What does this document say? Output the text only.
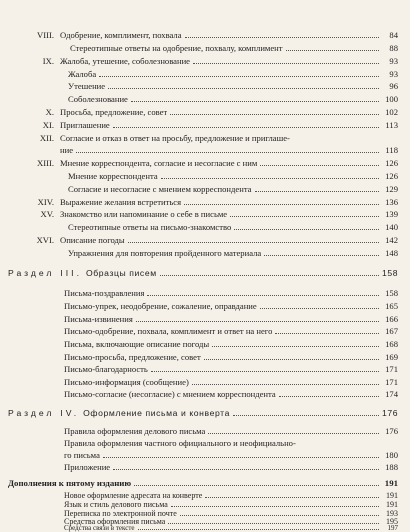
VIII. Одобрение, комплимент, похвала	84
Стереотипные ответы на одобрение, похвалу, комплимент	88
IX. Жалоба, утешение, соболезнование	93
Жалоба	93
Утешение	96
Соболезнование	100
X. Просьба, предложение, совет	102
XI. Приглашение	113
XII. Согласие и отказ в ответ на просьбу, предложение и приглаше-
ние	118
XIII. Мнение корреспондента, согласие и несогласие с ним	126
Мнение корреспондента	126
Согласие и несогласие с мнением корреспондента	129
XIV. Выражение желания встретиться	136
XV. Знакомство или напоминание о себе в письме	139
Стереотипные ответы на письмо-знакомство	140
XVI. Описание погоды	142
Упражнения для повторения пройденного материала	148
Раздел III. Образцы писем	158
Письма-поздравления	158
Письмо-упрек, неодобрение, сожаление, оправдание	165
Письма-извинения	166
Письмо-одобрение, похвала, комплимент и ответ на него	167
Письма, включающие описание погоды	168
Письмо-просьба, предложение, совет	169
Письмо-благодарность	171
Письмо-информация (сообщение)	171
Письмо-согласие (несогласие) с мнением корреспондента	174
Раздел IV. Оформление письма и конверта	176
Правила оформления делового письма	176
Правила оформления частного официального и неофициально-
го письма	180
Приложение	188
Дополнения к пятому изданию	191
Новое оформление адресата на конверте	191
Язык и стиль делового письма	191
Переписка по электронной почте	193
Средства оформления письма	195
Средства связи в тексте	197
